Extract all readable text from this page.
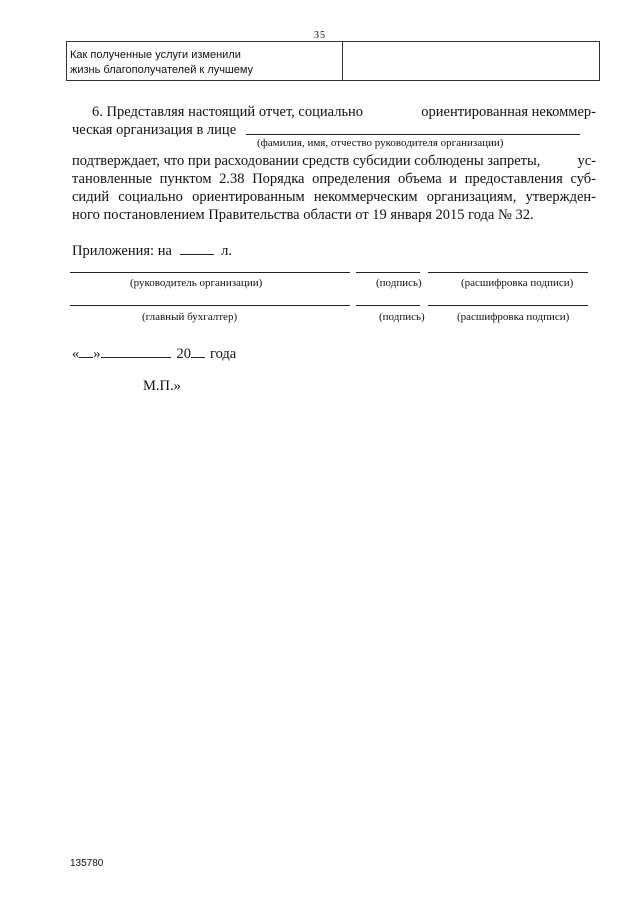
35
Как полученные услуги изменили
жизнь благополучателей к лучшему
6. Представляя настоящий отчет, социально	ориентированная некоммер-
ческая организация в лице
(фамилия, имя, отчество руководителя организации)
подтверждает, что при расходовании средств субсидии соблюдены запреты,	ус-
тановленные пунктом 2.38 Порядка определения объема и предоставления суб-
сидий социально ориентированным некоммерческим организациям, утвержден-
ного постановлением Правительства области от 19 января 2015 года № 32.
Приложения: на	л.
(руководитель организации)	(подпись)	(расшифровка подписи)
(главный бухгалтер)	(подпись)	(расшифровка подписи)
« »	20 года
М.П.»
135780
